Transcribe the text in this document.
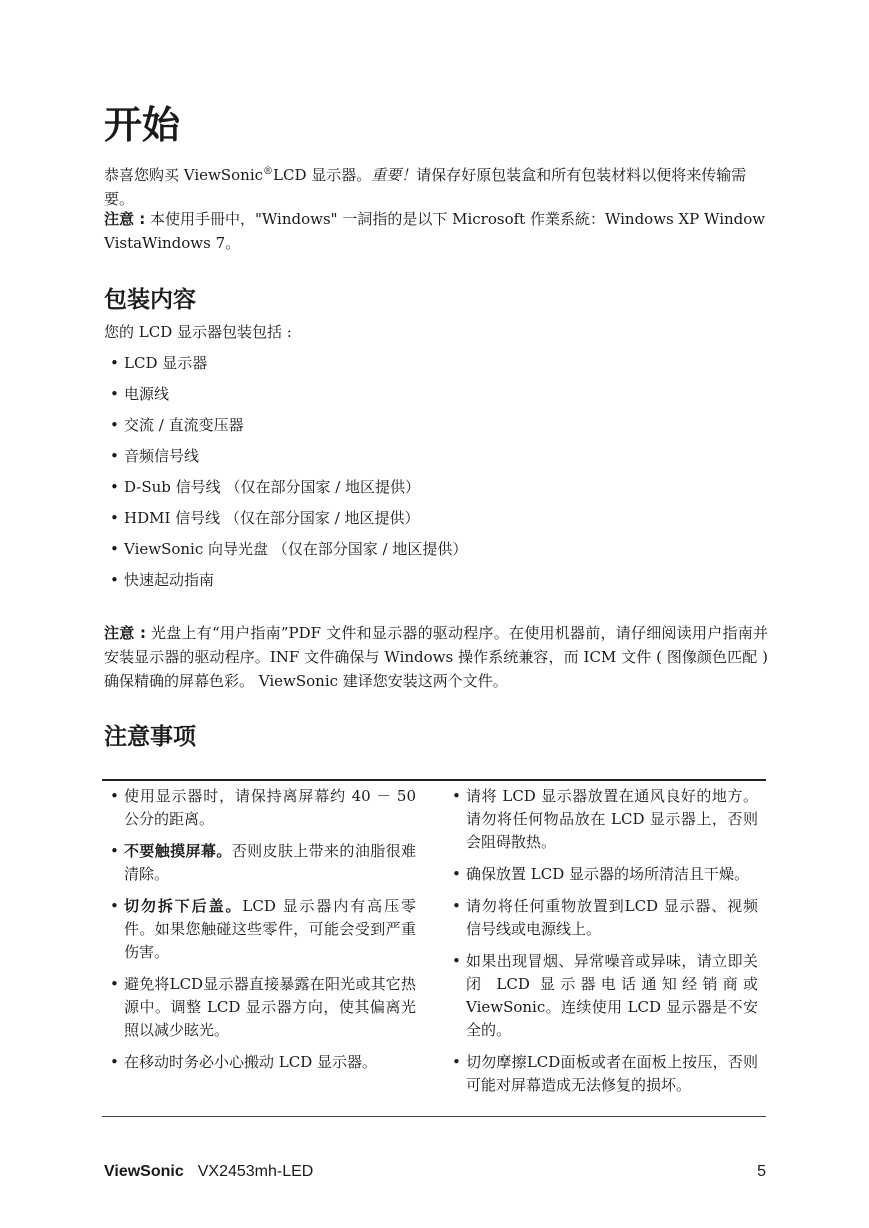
开始

恭喜您购买 ViewSonic®LCD 显示器。重要！请保存好原包装盒和所有包装材料以便将来传输需要。

注意 : 本使用手冊中，"Windows" 一詞指的是以下 Microsoft 作業系統：Windows XP Window VistaWindows 7。

包装内容

您的 LCD 显示器包装包括 :

• LCD 显示器
• 电源线
• 交流 / 直流变压器
• 音频信号线
• D-Sub 信号线 （仅在部分国家 / 地区提供）
• HDMI 信号线 （仅在部分国家 / 地区提供）
• ViewSonic 向导光盘 （仅在部分国家 / 地区提供）
• 快速起动指南

注意 : 光盘上有“用户指南”PDF 文件和显示器的驱动程序。在使用机器前，请仔细阅读用户指南并安装显示器的驱动程序。INF 文件确保与 Windows 操作系统兼容，而 ICM 文件 ( 图像颜色匹配 ) 确保精确的屏幕色彩。 ViewSonic 建译您安装这两个文件。

注意事项
• 使用显示器时，请保持离屏幕约 40 － 50 公分的距离。
• 不要触摸屏幕。否则皮肤上带来的油脂很难清除。
• 切勿拆下后盖。LCD 显示器内有高压零件。如果您触碰这些零件，可能会受到严重伤害。
• 避免将LCD显示器直接暴露在阳光或其它热源中。调整 LCD 显示器方向，使其偏离光照以减少眩光。
• 在移动时务必小心搬动 LCD 显示器。
• 请将 LCD 显示器放置在通风良好的地方。请勿将任何物品放在 LCD 显示器上，否则会阻碍散热。
• 确保放置 LCD 显示器的场所清洁且干燥。
• 请勿将任何重物放置到LCD 显示器、视频信号线或电源线上。
• 如果出现冒烟、异常噪音或异味，请立即关闭 LCD 显示器电话通知经销商或 ViewSonic。连续使用 LCD 显示器是不安全的。
• 切勿摩擦LCD面板或者在面板上按压，否则可能对屏幕造成无法修复的损坏。
ViewSonic VX2453mh-LED	5
